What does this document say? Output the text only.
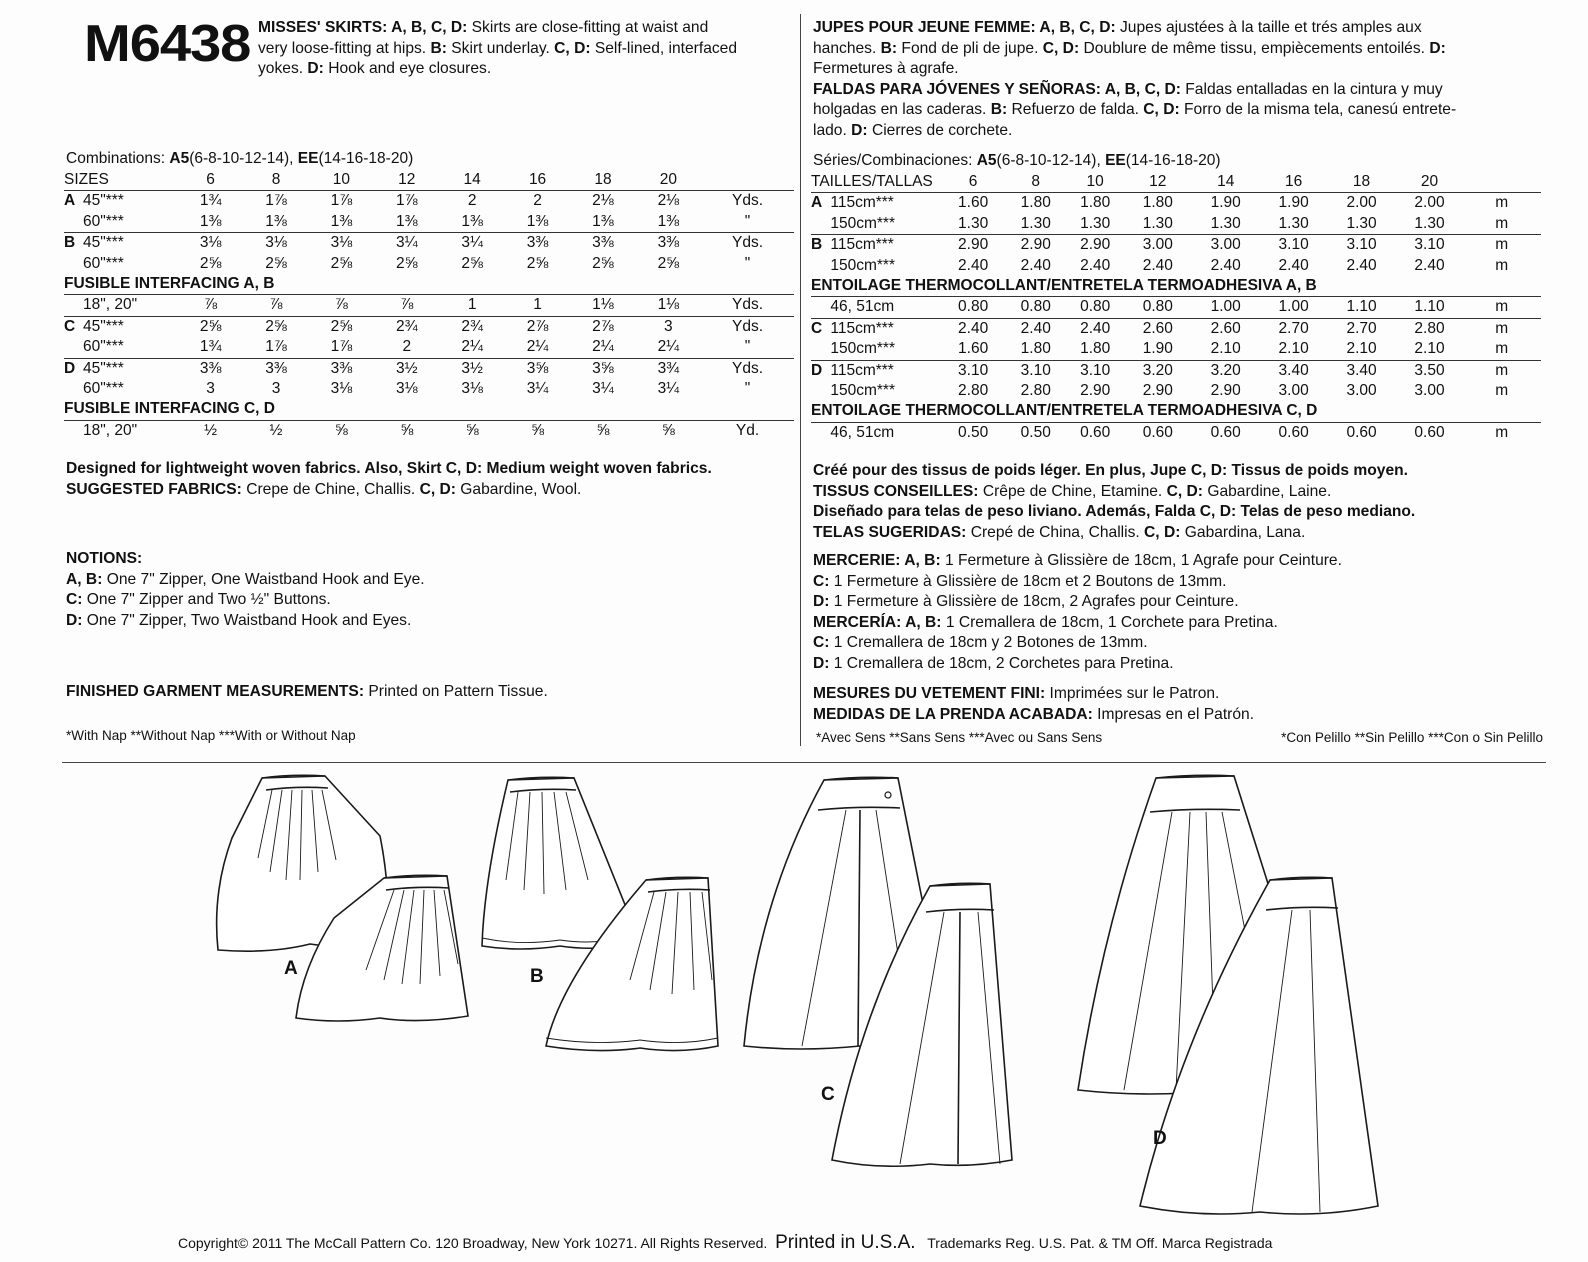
M6438 MISSES' SKIRTS: A, B, C, D: Skirts are close-fitting at waist and
very loose-fitting at hips. B: Skirt underlay. C, D: Self-lined, interfaced
yokes. D: Hook and eye closures.
JUPES POUR JEUNE FEMME: A, B, C, D: Jupes ajustées à la taille et trés amples aux
hanches. B: Fond de pli de jupe. C, D: Doublure de même tissu, empiècements entoilés. D:
Fermetures à agrafe.
FALDAS PARA JÓVENES Y SEÑORAS: A, B, C, D: Faldas entalladas en la cintura y muy
holgadas en las caderas. B: Refuerzo de falda. C, D: Forro de la misma tela, canesú entrete-
lado. D: Cierres de corchete.
Combinations: A5(6-8-10-12-14), EE(14-16-18-20)	Séries/Combinaciones: A5(6-8-10-12-14), EE(14-16-18-20)
SIZES		6	8	10	12	14	16	18	20	
A	45"***	1¾	1⅞	1⅞	1⅞	2	2	2⅛	2⅛	Yds.
	60"***	1⅜	1⅜	1⅜	1⅜	1⅜	1⅜	1⅜	1⅜	"
B	45"***	3⅛	3⅛	3⅛	3¼	3¼	3⅜	3⅜	3⅜	Yds.
	60"***	2⅝	2⅝	2⅝	2⅝	2⅝	2⅝	2⅝	2⅝	"
FUSIBLE INTERFACING A, B										
	18", 20"	⅞	⅞	⅞	⅞	1	1	1⅛	1⅛	Yds.
C	45"***	2⅝	2⅝	2⅝	2¾	2¾	2⅞	2⅞	3	Yds.
	60"***	1¾	1⅞	1⅞	2	2¼	2¼	2¼	2¼	"
D	45"***	3⅜	3⅜	3⅜	3½	3½	3⅝	3⅝	3¾	Yds.
	60"***	3	3	3⅛	3⅛	3⅛	3¼	3¼	3¼	"
FUSIBLE INTERFACING C, D										
	18", 20"	½	½	⅝	⅝	⅝	⅝	⅝	⅝	Yd.
TAILLES/TALLAS		6	8	10	12	14	16	18	20	
A	115cm***	1.60	1.80	1.80	1.80	1.90	1.90	2.00	2.00	m
	150cm***	1.30	1.30	1.30	1.30	1.30	1.30	1.30	1.30	m
B	115cm***	2.90	2.90	2.90	3.00	3.00	3.10	3.10	3.10	m
	150cm***	2.40	2.40	2.40	2.40	2.40	2.40	2.40	2.40	m
ENTOILAGE THERMOCOLLANT/ENTRETELA TERMOADHESIVA A, B										
	46, 51cm	0.80	0.80	0.80	0.80	1.00	1.00	1.10	1.10	m
C	115cm***	2.40	2.40	2.40	2.60	2.60	2.70	2.70	2.80	m
	150cm***	1.60	1.80	1.80	1.90	2.10	2.10	2.10	2.10	m
D	115cm***	3.10	3.10	3.10	3.20	3.20	3.40	3.40	3.50	m
	150cm***	2.80	2.80	2.90	2.90	2.90	3.00	3.00	3.00	m
ENTOILAGE THERMOCOLLANT/ENTRETELA TERMOADHESIVA C, D										
	46, 51cm	0.50	0.50	0.60	0.60	0.60	0.60	0.60	0.60	m
Designed for lightweight woven fabrics. Also, Skirt C, D: Medium weight woven fabrics.
SUGGESTED FABRICS: Crepe de Chine, Challis. C, D: Gabardine, Wool.
Créé pour des tissus de poids léger. En plus, Jupe C, D: Tissus de poids moyen.
TISSUS CONSEILLES: Crêpe de Chine, Etamine. C, D: Gabardine, Laine.
Diseñado para telas de peso liviano. Además, Falda C, D: Telas de peso mediano.
TELAS SUGERIDAS: Crepé de China, Challis. C, D: Gabardina, Lana.
NOTIONS:
A, B: One 7" Zipper, One Waistband Hook and Eye.
C: One 7" Zipper and Two ½" Buttons.
D: One 7" Zipper, Two Waistband Hook and Eyes.
MERCERIE: A, B: 1 Fermeture à Glissière de 18cm, 1 Agrafe pour Ceinture.
C: 1 Fermeture à Glissière de 18cm et 2 Boutons de 13mm.
D: 1 Fermeture à Glissière de 18cm, 2 Agrafes pour Ceinture.
MERCERÍA: A, B: 1 Cremallera de 18cm, 1 Corchete para Pretina.
C: 1 Cremallera de 18cm y 2 Botones de 13mm.
D: 1 Cremallera de 18cm, 2 Corchetes para Pretina.
FINISHED GARMENT MEASUREMENTS: Printed on Pattern Tissue.	MESURES DU VETEMENT FINI: Imprimées sur le Patron.
MEDIDAS DE LA PRENDA ACABADA: Impresas en el Patrón.
*With Nap **Without Nap ***With or Without Nap	*Avec Sens **Sans Sens ***Avec ou Sans Sens	*Con Pelillo **Sin Pelillo ***Con o Sin Pelillo
A	B
C
D
Copyright© 2011 The McCall Pattern Co. 120 Broadway, New York 10271. All Rights Reserved. Printed in U.S.A. Trademarks Reg. U.S. Pat. & TM Off. Marca Registrada
